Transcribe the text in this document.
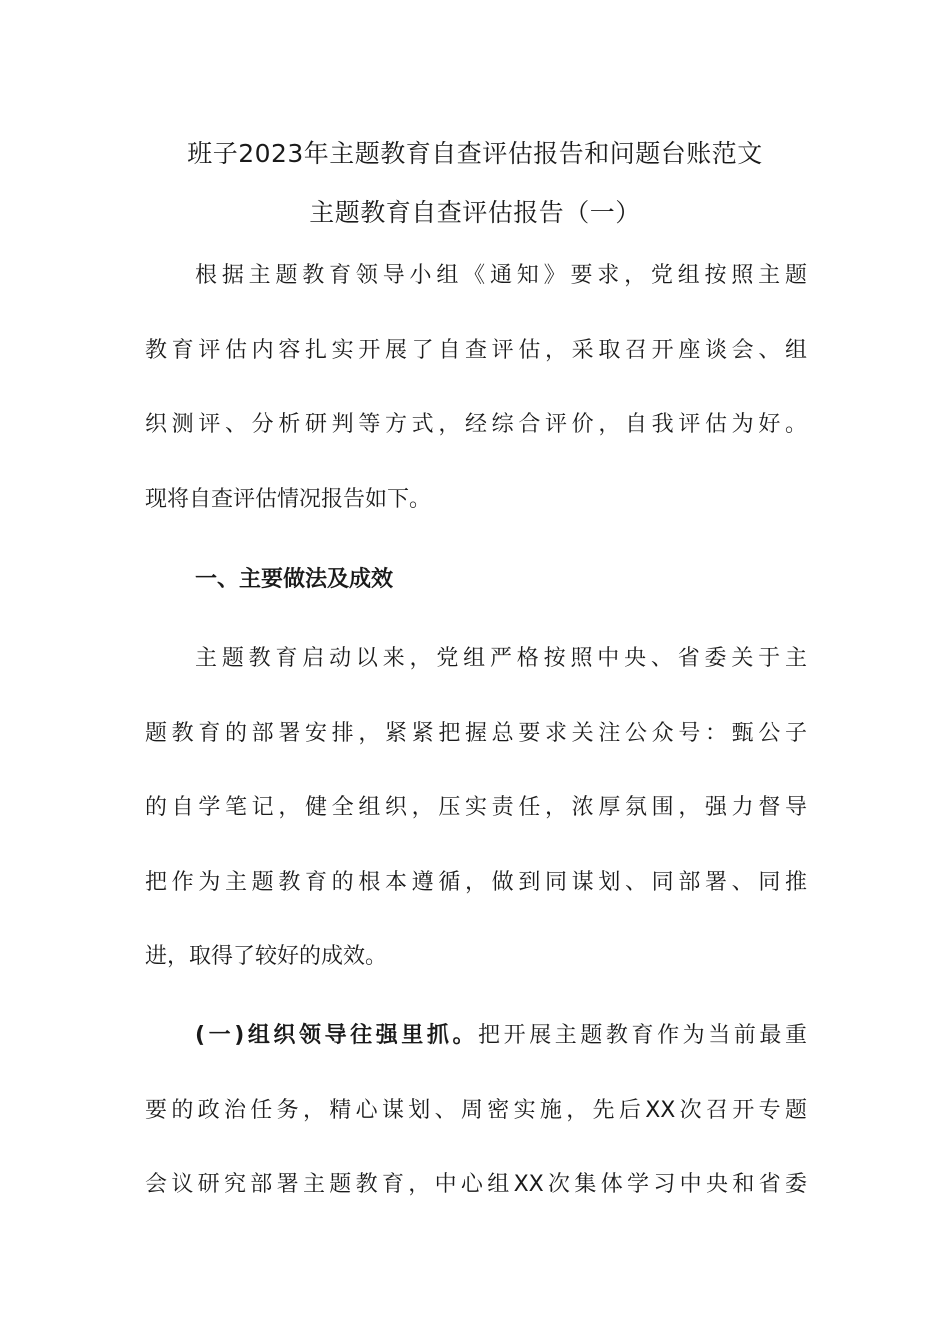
班子2023年主题教育自查评估报告和问题台账范文
主题教育自查评估报告（一）
根据主题教育领导小组《通知》要求，党组按照主题
教育评估内容扎实开展了自查评估，采取召开座谈会、组
织测评、分析研判等方式，经综合评价，自我评估为好。
现将自查评估情况报告如下。
一、主要做法及成效
主题教育启动以来，党组严格按照中央、省委关于主
题教育的部署安排，紧紧把握总要求关注公众号：甄公子
的自学笔记，健全组织，压实责任，浓厚氛围，强力督导
把作为主题教育的根本遵循，做到同谋划、同部署、同推
进，取得了较好的成效。
(一)组织领导往强里抓。把开展主题教育作为当前最重
要的政治任务，精心谋划、周密实施，先后XX次召开专题
会议研究部署主题教育，中心组XX次集体学习中央和省委
